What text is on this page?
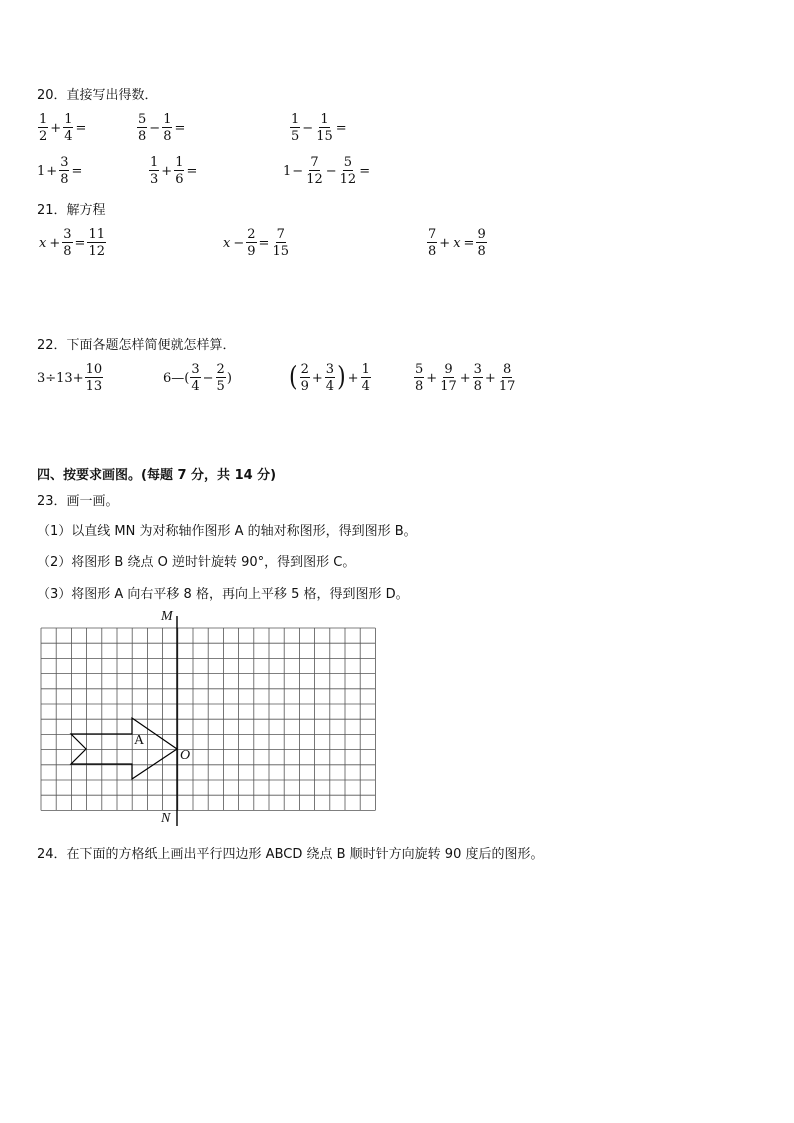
20．直接写出得数．
$\frac{1}{2} + \frac{1}{4}$ =	$\frac{5}{8} - \frac{1}{8}$ =	$\frac{1}{5} - \frac{1}{15}$ =
$1 + \frac{3}{8}$ =	$\frac{1}{3} + \frac{1}{6}$ =	$1 - \frac{7}{12} - \frac{5}{12}$ =
21．解方程
$x + \frac{3}{8} = \frac{11}{12}$	$x - \frac{2}{9} = \frac{7}{15}$	$\frac{7}{8} + x = \frac{9}{8}$
22．下面各题怎样简便就怎样算．
$3\div 13+ \frac{10}{13}$	6—( $\frac{3}{4} - \frac{2}{5}$ )	( $\frac{2}{9} + \frac{3}{4}$ ) + $\frac{1}{4}$	$\frac{5}{8} + \frac{9}{17} + \frac{3}{8} + \frac{8}{17}$
四、按要求画图。(每题 7 分，共 14 分)
23．画一画。
（1）以直线 MN 为对称轴作图形 A 的轴对称图形，得到图形 B。
（2）将图形 B 绕点 O 逆时针旋转 90°，得到图形 C。
（3）将图形 A 向右平移 8 格，再向上平移 5 格，得到图形 D。
M
N
O
A
24．在下面的方格纸上画出平行四边形 ABCD 绕点 B 顺时针方向旋转 90 度后的图形。
